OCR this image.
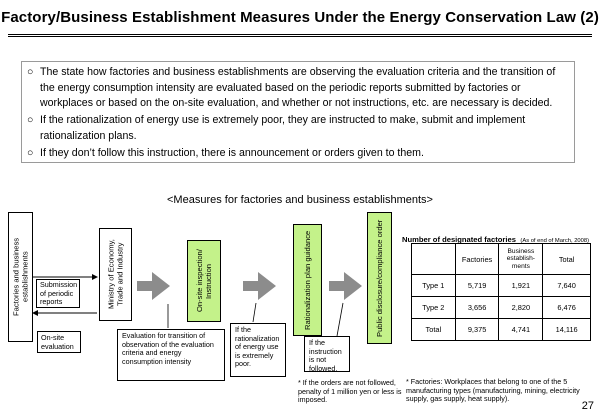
Factory/Business Establishment Measures Under the Energy Conservation Law (2)
○ The state how factories and business establishments are observing the evaluation criteria and the transition of the energy consumption intensity are evaluated based on the periodic reports submitted by factories or workplaces or based on the on-site evaluation, and whether or not instructions, etc. are necessary is decided.
○ If the rationalization of energy use is extremely poor, they are instructed to make, submit and implement rationalization plans.
○ If they don’t follow this instruction, there is announcement or orders given to them.
<Measures for factories and business establishments>
Factories and business establishments	Submission of periodic reports
On-site evaluation
Ministry of Economy, Trade and Industry	On-site inspection/ Instruction	Rationalization plan guidance	Public disclosure/compliance order
Evaluation for transition of observation of the evaluation criteria and energy consumption intensity
If the rationalization of energy use is extremely poor.
If the instruction is not followed.
* If the orders are not followed, penalty of 1 million yen or less is imposed.
Number of designated factories (As of end of March, 2008)
	Factories	Business establish-ments	Total
Type 1	5,719	1,921	7,640
Type 2	3,656	2,820	6,476
Total	9,375	4,741	14,116
* Factories: Workplaces that belong to one of the 5 manufacturing types (manufacturing, mining, electricity supply, gas supply, heat supply).
27
